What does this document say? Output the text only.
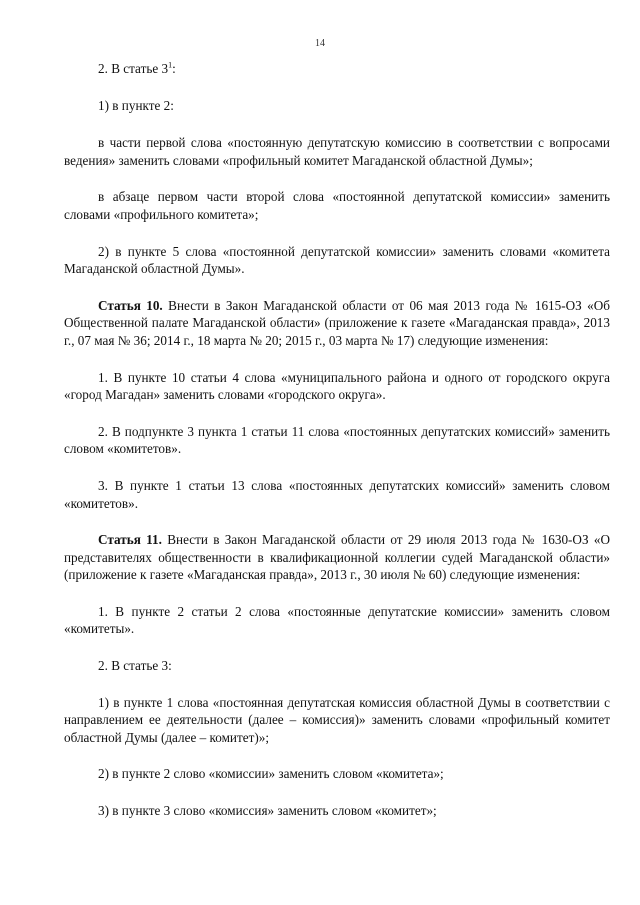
14

2. В статье $3^1$:

1) в пункте 2:

в части первой слова «постоянную депутатскую комиссию в соответствии с вопросами ведения» заменить словами «профильный комитет Магаданской областной Думы»;

в абзаце первом части второй слова «постоянной депутатской комиссии» заменить словами «профильного комитета»;

2) в пункте 5 слова «постоянной депутатской комиссии» заменить словами «комитета Магаданской областной Думы».

Статья 10. Внести в Закон Магаданской области от 06 мая 2013 года № 1615-ОЗ «Об Общественной палате Магаданской области» (приложение к газете «Магаданская правда», 2013 г., 07 мая № 36; 2014 г., 18 марта № 20; 2015 г., 03 марта № 17) следующие изменения:

1. В пункте 10 статьи 4 слова «муниципального района и одного от городского округа «город Магадан» заменить словами «городского округа».

2. В подпункте 3 пункта 1 статьи 11 слова «постоянных депутатских комиссий» заменить словом «комитетов».

3. В пункте 1 статьи 13 слова «постоянных депутатских комиссий» заменить словом «комитетов».

Статья 11. Внести в Закон Магаданской области от 29 июля 2013 года № 1630-ОЗ «О представителях общественности в квалификационной коллегии судей Магаданской области» (приложение к газете «Магаданская правда», 2013 г., 30 июля № 60) следующие изменения:

1. В пункте 2 статьи 2 слова «постоянные депутатские комиссии» заменить словом «комитеты».

2. В статье 3:

1) в пункте 1 слова «постоянная депутатская комиссия областной Думы в соответствии с направлением ее деятельности (далее – комиссия)» заменить словами «профильный комитет областной Думы (далее – комитет)»;

2) в пункте 2 слово «комиссии» заменить словом «комитета»;

3) в пункте 3 слово «комиссия» заменить словом «комитет»;
